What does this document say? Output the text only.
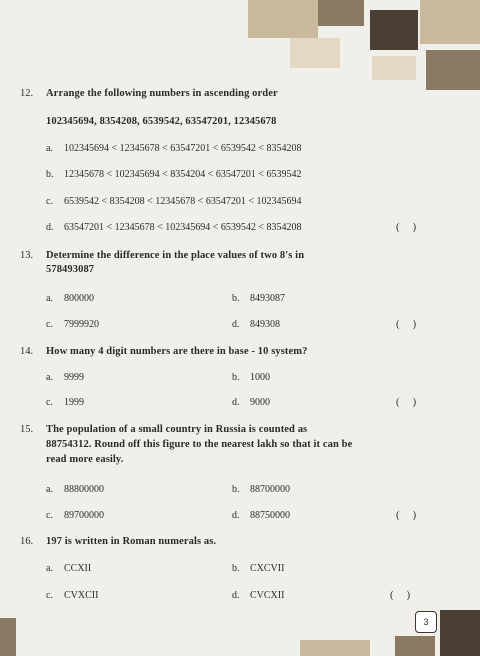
12. Arrange the following numbers in ascending order
102345694, 8354208, 6539542, 63547201, 12345678
a. 102345694 < 12345678 < 63547201 < 6539542 < 8354208
b. 12345678 < 102345694 < 8354204 < 63547201 < 6539542
c. 6539542 < 8354208 < 12345678 < 63547201 < 102345694
d. 63547201 < 12345678 < 102345694 < 6539542 < 8354208	(     )
13. Determine the difference in the place values of two 8's in
578493087
a. 800000	b. 8493087
c. 7999920	d. 849308	(     )
14. How many 4 digit numbers are there in base - 10 system?
a. 9999	b. 1000
c. 1999	d. 9000	(     )
15. The population of a small country in Russia is counted as
88754312. Round off this figure to the nearest lakh so that it can be
read more easily.
a. 88800000	b. 88700000
c. 89700000	d. 88750000	(     )
16. 197 is written in Roman numerals as.
a. CCXII	b. CXCVII
c. CVXCII	d. CVCXII	(     )
3
